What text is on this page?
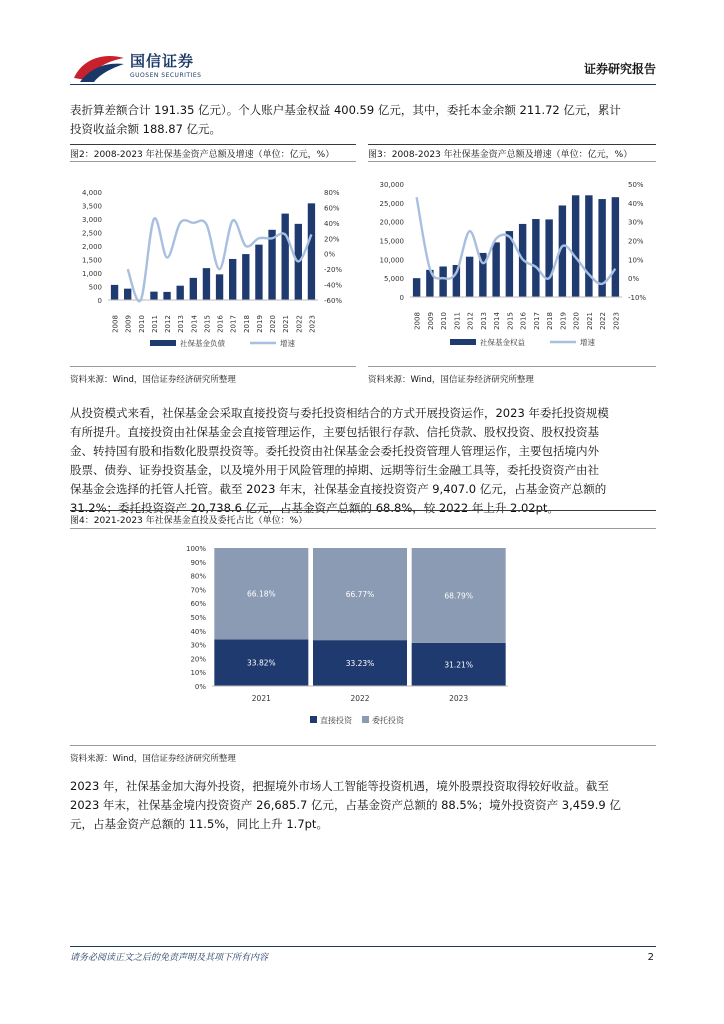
国信证券
GUOSEN SECURITIES	证券研究报告
表折算差额合计 191.35 亿元）。个人账户基金权益 400.59 亿元，其中，委托本金余额 211.72 亿元，累计
投资收益余额 188.87 亿元。
图2：2008-2023 年社保基金资产总额及增速（单位：亿元，%）	图3：2008-2023 年社保基金资产总额及增速（单位：亿元，%）
4,000
3,500
3,000
2,500
2,000
1,500
1,000
500
0
80%
60%
40%
20%
0%
-20%
-40%
-60%
2008 2009 2010 2011 2012 2013 2014 2015 2016 2017 2018 2019 2020 2021 2022 2023
社保基金负债	增速
30,000
25,000
20,000
15,000
10,000
5,000
0
50%
40%
30%
20%
10%
0%
-10%
2008 2009 2010 2011 2012 2013 2014 2015 2016 2017 2018 2019 2020 2021 2022 2023
社保基金权益	增速
资料来源：Wind，国信证券经济研究所整理	资料来源：Wind，国信证券经济研究所整理
从投资模式来看，社保基金会采取直接投资与委托投资相结合的方式开展投资运作，2023 年委托投资规模
有所提升。直接投资由社保基金会直接管理运作，主要包括银行存款、信托贷款、股权投资、股权投资基
金、转持国有股和指数化股票投资等。委托投资由社保基金会委托投资管理人管理运作，主要包括境内外
股票、债券、证券投资基金，以及境外用于风险管理的掉期、远期等衍生金融工具等，委托投资资产由社
保基金会选择的托管人托管。截至 2023 年末，社保基金直接投资资产 9,407.0 亿元，占基金资产总额的
31.2%；委托投资资产 20,738.6 亿元，占基金资产总额的 68.8%，较 2022 年上升 2.02pt。
图4：2021-2023 年社保基金直投及委托占比（单位：%）
100%
90%
80%
70%
60%
50%
40%
30%
20%
10%
0%
33.82%
66.18%
2021
33.23%
66.77%
2022
31.21%
68.79%
2023
直接投资	委托投资
资料来源：Wind，国信证券经济研究所整理
2023 年，社保基金加大海外投资，把握境外市场人工智能等投资机遇，境外股票投资取得较好收益。截至
2023 年末，社保基金境内投资资产 26,685.7 亿元，占基金资产总额的 88.5%；境外投资资产 3,459.9 亿
元，占基金资产总额的 11.5%，同比上升 1.7pt。
请务必阅读正文之后的免责声明及其项下所有内容	2
